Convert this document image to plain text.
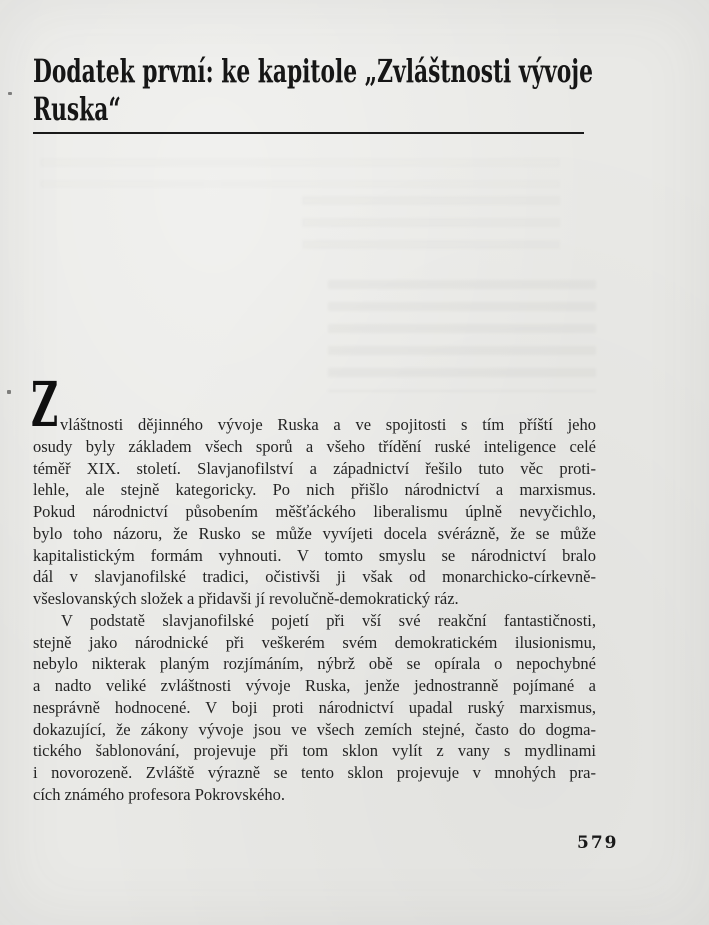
Dodatek první: ke kapitole „Zvláštnosti vývoje
Ruska“
Z vláštnosti dějinného vývoje Ruska a ve spojitosti s tím příští jeho
osudy byly základem všech sporů a všeho třídění ruské inteligence celé
téměř XIX. století. Slavjanofilství a západnictví řešilo tuto věc proti-
lehle, ale stejně kategoricky. Po nich přišlo národnictví a marxismus.
Pokud národnictví působením měšťáckého liberalismu úplně nevyčichlo,
bylo toho názoru, že Rusko se může vyvíjeti docela svérázně, že se může
kapitalistickým formám vyhnouti. V tomto smyslu se národnictví bralo
dál v slavjanofilské tradici, očistivši ji však od monarchicko-církevně-
všeslovanských složek a přidavši jí revolučně-demokratický ráz.
V podstatě slavjanofilské pojetí při vší své reakční fantastičnosti,
stejně jako národnické při veškerém svém demokratickém ilusionismu,
nebylo nikterak planým rozjímáním, nýbrž obě se opírala o nepochybné
a nadto veliké zvláštnosti vývoje Ruska, jenže jednostranně pojímané a
nesprávně hodnocené. V boji proti národnictví upadal ruský marxismus,
dokazující, že zákony vývoje jsou ve všech zemích stejné, často do dogma-
tického šablonování, projevuje při tom sklon vylít z vany s mydlinami
i novorozeně. Zvláště výrazně se tento sklon projevuje v mnohých pra-
cích známého profesora Pokrovského.
579
